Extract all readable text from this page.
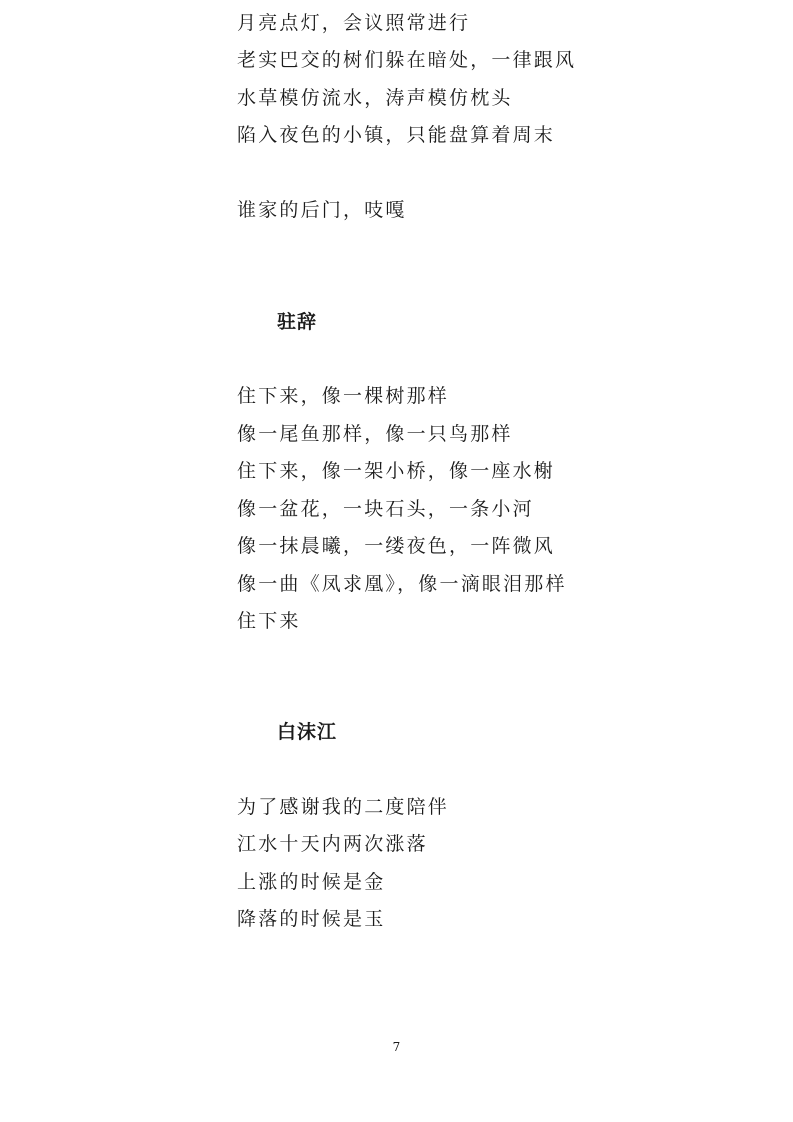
月亮点灯，会议照常进行
老实巴交的树们躲在暗处，一律跟风
水草模仿流水，涛声模仿枕头
陷入夜色的小镇，只能盘算着周末
谁家的后门，吱嘎
驻辞
住下来，像一棵树那样
像一尾鱼那样，像一只鸟那样
住下来，像一架小桥，像一座水榭
像一盆花，一块石头，一条小河
像一抹晨曦，一缕夜色，一阵微风
像一曲《凤求凰》，像一滴眼泪那样
住下来
白沫江
为了感谢我的二度陪伴
江水十天内两次涨落
上涨的时候是金
降落的时候是玉
7
